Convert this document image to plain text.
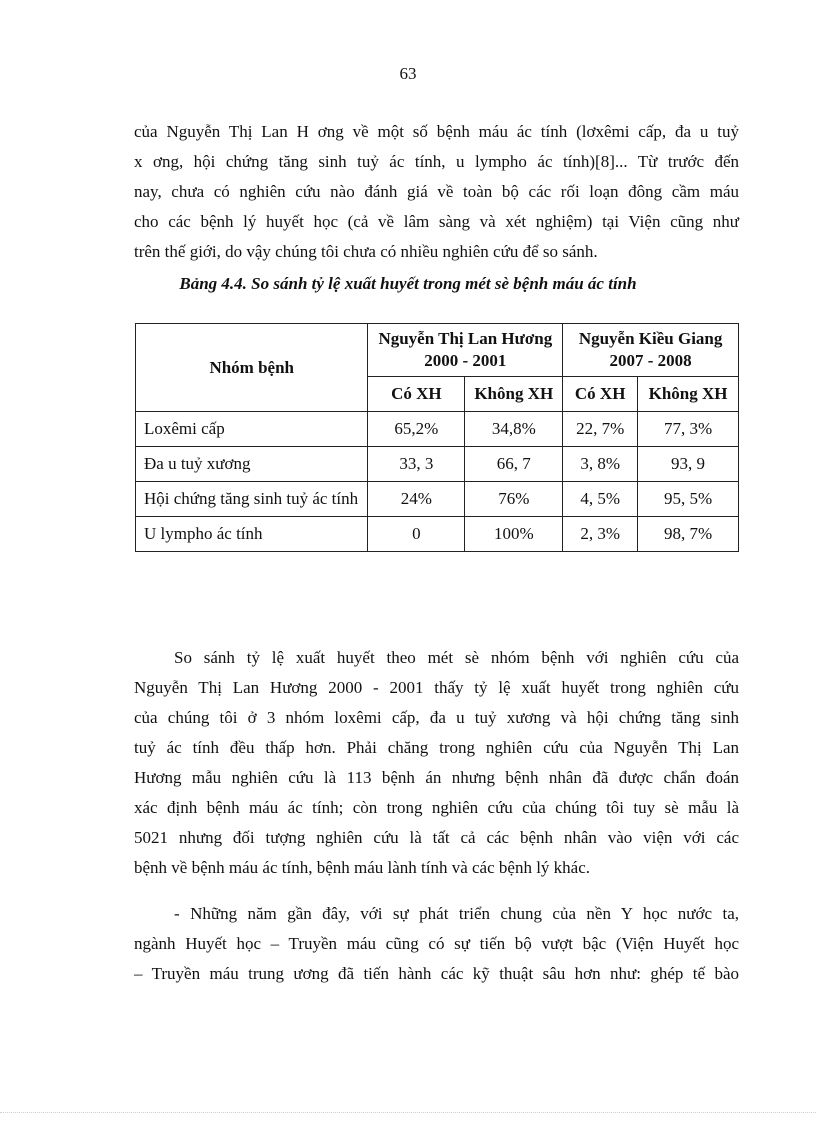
63

của Nguyễn Thị Lan H ơng về một số bệnh máu ác tính (lơxêmi cấp, đa u tuỷ
x ơng, hội chứng tăng sinh tuỷ ác tính, u lympho ác tính)[8]... Từ trước đến
nay, chưa có nghiên cứu nào đánh giá về toàn bộ các rối loạn đông cầm máu
cho các bệnh lý huyết học (cả về lâm sàng và xét nghiệm) tại Viện cũng như
trên thế giới, do vậy chúng tôi chưa có nhiều nghiên cứu để so sánh.

Bảng 4.4. So sánh tỷ lệ xuất huyết trong mét sè bệnh máu ác tính
Nhóm bệnh	Nguyễn Thị Lan Hương 2000 - 2001		Nguyễn Kiều Giang 2007 - 2008	
	Có XH	Không XH	Có XH	Không XH
Loxêmi cấp	65,2%	34,8%	22, 7%	77, 3%
Đa u tuỷ xương	33, 3	66, 7	3, 8%	93, 9
Hội chứng tăng sinh tuỷ ác tính	24%	76%	4, 5%	95, 5%
U lympho ác tính	0	100%	2, 3%	98, 7%

So sánh tỷ lệ xuất huyết theo mét sè nhóm bệnh với nghiên cứu của
Nguyễn Thị Lan Hương 2000 - 2001 thấy tỷ lệ xuất huyết trong nghiên cứu
của chúng tôi ở 3 nhóm loxêmi cấp, đa u tuỷ xương và hội chứng tăng sinh
tuỷ ác tính đều thấp hơn. Phải chăng trong nghiên cứu của Nguyễn Thị Lan
Hương mẫu nghiên cứu là 113 bệnh án nhưng bệnh nhân đã được chẩn đoán
xác định bệnh máu ác tính; còn trong nghiên cứu của chúng tôi tuy sè mẫu là
5021 nhưng đối tượng nghiên cứu là tất cả các bệnh nhân vào viện với các
bệnh về bệnh máu ác tính, bệnh máu lành tính và các bệnh lý khác.

- Những năm gần đây, với sự phát triển chung của nền Y học nước ta,
ngành Huyết học – Truyền máu cũng có sự tiến bộ vượt bậc (Viện Huyết học
– Truyền máu trung ương đã tiến hành các kỹ thuật sâu hơn như: ghép tế bào
